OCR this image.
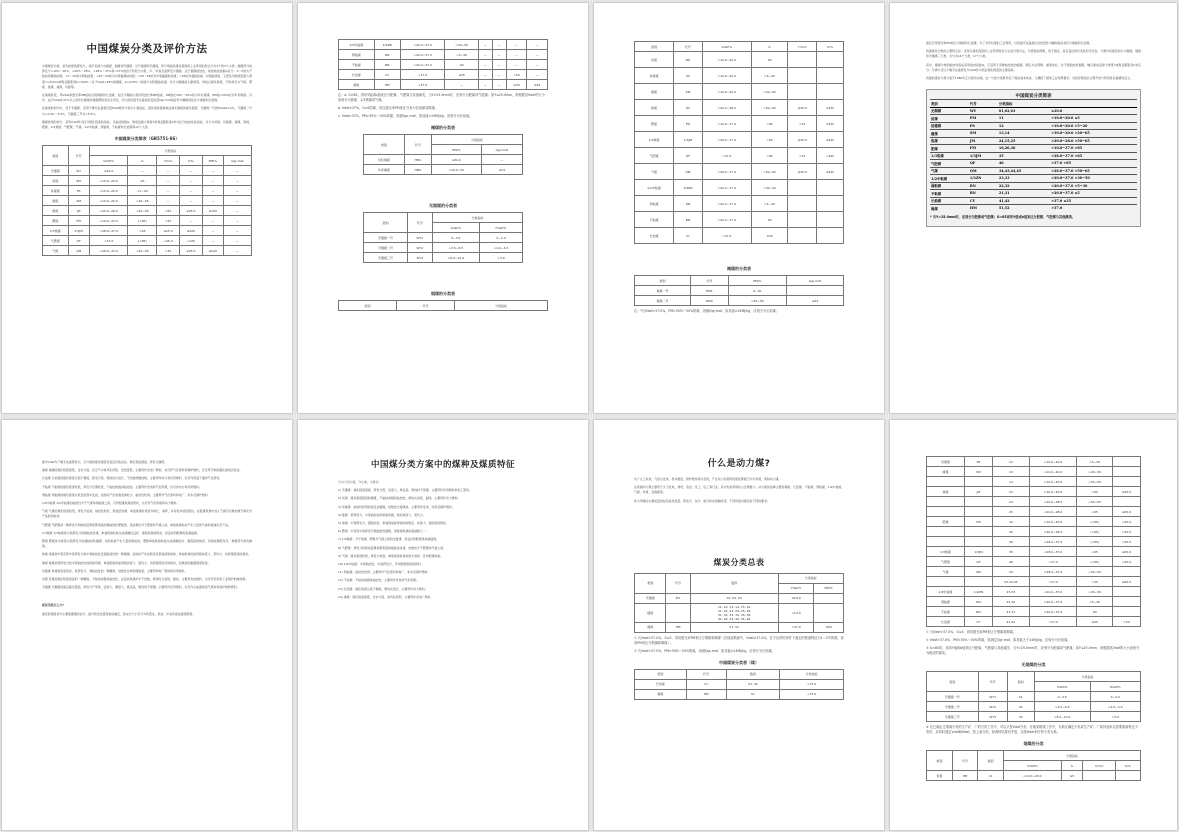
中国煤炭分类及评价方法

中国煤炭分类，首先按煤的挥发分，将所有煤分为褐煤、烟煤和无烟煤；对于褐煤和无烟煤，再分别按其煤化程度和工业利用的特点分为2个和3个小类；烟煤部分按挥发分>10%～20%、>20%～28%、>28%～37%和>37%的四个阶段分为低、中、中高及高挥发分烟煤。关于烟煤粘结性，则按粘结指数G区分：0～5的为不粘结和微粘结煤；>5～20的为弱粘结煤；>20～50的为中等偏弱粘结煤；>50～65的为中等偏强粘结煤；>65则为强粘结煤。对强粘结煤，又把其中胶质层最大厚度Y>25mm或奥亚膨胀度b>150%（对于Vdaf>28%的烟煤，b>220%）的煤分为特强粘结煤。共分为烟煤的主要类别，再结合煤化程度，分别命名为气煤、肥煤、焦煤、瘦煤、贫煤等。

在褐煤阶段，用Vdaf和透光率PM指标区别褐煤和长焰煤；在区分褐煤小类时用透光率PM指标，PM值在30%～50%的为年轻褐煤，PM值>50%的为年老褐煤。另外，由于Vdaf在37%以上的年轻烟煤和褐煤都较易发生风化，所以用恒湿无灰基高位发热量Qgr,maf指标作为辅助指标区分褐煤和长焰煤。

在煤类的划分中，对于无烟煤，采用干燥无灰基氢含量Hdaf值作为划分小类指标，因其更能准确地反映无烟煤的煤化程度，无烟煤一号的Hdaf≤2.0%，无烟煤二号为>2.0%～3.0%，无烟煤三号为>3.0%。

烟煤类别的划分，采用Vdaf作为区分煤化程度的指标，以粘结指数G、胶质层最大厚度Y和奥亚膨胀度b作为区分粘结性的指标，共分为贫煤、贫瘦煤、瘦煤、焦煤、肥煤、1/3焦煤、气肥煤、气煤、1/2中粘煤、弱粘煤、不粘煤和长焰煤等12个大类。

中国煤炭分类简表（GB5751-86）
类别	代号	分类指标					
		Vdaf/%	G	Y/mm	b/%	PM/%	Qgr,maf
无烟煤	WY	≤10.0	—	—	—	—	—
贫煤	PM	>10.0~20.0	≤5	—	—	—	—
贫瘦煤	PS	>10.0~20.0	>5~20	—	—	—	—
瘦煤	SM	>10.0~20.0	>20~65	—	—	—	—
焦煤	JM	>20.0~28.0	>50~65	>65	≤25.0	≤150	—
肥煤	FM	>10.0~37.0	(>85)	>25	—	—	—
1/3焦煤	1/3JM	>28.0~37.0	>65	≤25.0	≤220	—	—
气肥煤	QF	>37.0	(>85)	>25.0	>220	—	—
气煤	QM	>28.0~37.0	>50~65	>35	≤25.0	≤220	—
1/2中粘煤	1/2ZN	>20.0~37.0	>30~50	—	—	—	—
弱粘煤	RN	>20.0~37.0	>5~30	—	—	—	—
不粘煤	BN	>20.0~37.0	≤5	—	—	—	—
长焰煤	CY	>37.0	≤35	—	—	>50	—
褐煤	HM	>37.0	—	—	—	≤30	≤24

注：a. G>85，再用Y值或b值来区分肥煤、气肥煤与其他煤类，当Y>25.0mm时，应划分为肥煤或气肥煤；如Y≤25.0mm，则根据其Vdaf的大小而划分为焦煤、1/3焦煤或气煤。

b. Vdaf>37%，G≤5的煤，再以透光率PM来区分其为长焰煤或褐煤。

c. Vdaf>37%，PM>30%～50%的煤，再测Qgr,maf，如其值>24MJ/kg，应划分为长焰煤。

褐煤的分类表
类别	代号	分类指标	
		PM/%	Qgr,maf
年轻褐煤	HM1	≤30.0	—
年老褐煤	HM2	>30.0~50	≤24
无烟煤的分类表
类别	代号	分类指标	
		Vdaf/%	Hdaf/%
无烟煤一号	WY1	0~3.5	0~2.0
无烟煤二号	WY2	>3.5~6.5	>2.0~3.0
无烟煤三号	WY3	>6.5~10.0	>3.0
烟煤的分类表
类别	代号	分类指标
类别	代号	Vdaf/%	G	Y/mm	b/%
贫煤	PM	>10.0~20.0	≤5		
贫瘦煤	PS	>10.0~20.0	>5~20		
瘦煤	SM	>10.0~20.0	>20~65		
焦煤	JM	>20.0~28.0	>50~65	≤25.0	≤150
肥煤	FM	>10.0~37.0	>85	>25	≥150
1/3焦煤	1/3JM	>28.0~37.0	>65	≤25.0	≤220
气肥煤	QF	>37.0	>85	>25	>220
气煤	QM	>28.0~37.0	>50~65	≤25.0	≤220
1/2中粘煤	1/2ZN	>20.0~37.0	>30~50		
弱粘煤	RN	>20.0~37.0	>5~30		
不粘煤	BN	>20.0~37.0	≤5		
长焰煤	CY	>37.0	≤35		
褐煤的分类表
类别	代号	PM/%	Qgr,maf
褐煤一号	HM1	0~30	
褐煤二号	HM2	>30~50	≤24

注：*凡Vdaf>37.0%，PM>30%～50%的煤，再测Qgr,maf，如其值>24MJ/kg，应划分为长焰煤。

最后还用透光率PM来区分褐煤和长焰煤。为了对年轻煤的工业利用，以恒湿无灰基高位发热量作为辅助指标来区分褐煤和长焰煤。

我国煤炭分类的主要特点是：采用以煤化程度和工业利用特性为主的分类方法，分类指标简明，易于测定，具有良好的代表性和可比性。分类中将煤炭划分为褐煤、烟煤和无烟煤三大类，共分为14个大类，17个小类。

其中，烟煤分类的粘结性指标采用粘结指数G，它适用于各种粘结性的烟煤，测定方法简便，重现性好。对于强粘结性烟煤，辅以胶质层最大厚度Y或奥亚膨胀度b来区分。分类中还以干燥无灰基挥发分Vdaf作为表征煤化程度的主要指标。

我国的煤炭分类方案于1986年正式颁布实施。这一分类方案既考虑了煤的基本性质，又兼顾了煤的工业利用要求，对指导煤炭的合理开发与利用具有重要的意义。

中国煤炭分类简表
类别	代号	分类指标	
无烟煤	WY	01,02,03	≤10.0
贫煤	PM	11	>10.0~20.0 ≤5
贫瘦煤	PS	12	>10.0~20.0 >5~20
瘦煤	SM	13,14	>10.0~20.0 >20~65
焦煤	JM	24,15,25	>20.0~28.0 >50~65
肥煤	FM	16,26,36	>10.0~37.0 >85
1/3焦煤	1/3JM	35	>28.0~37.0 >65
气肥煤	QF	46	>37.0 >85
气煤	QM	34,43,44,45	>28.0~37.0 >50~65
1/2中粘煤	1/2ZN	23,33	>20.0~37.0 >30~50
弱粘煤	RN	22,32	>20.0~37.0 >5~30
不粘煤	BN	21,31	>20.0~37.0 ≤5
长焰煤	CY	41,42	>37.0 ≤35
褐煤	HM	51,52	>37.0

* 当Y>25.0mm时，应划分为肥煤或气肥煤；G>85再用Y值或b值来区分肥煤、气肥煤与其他煤类。

煤中Vdaf为干燥无灰基挥发分，它与煤的煤化程度有着密切的关系。煤化程度越高，挥发分越低。

褐煤 褐煤的煤化程度最低，含水分高，在空气中易风化碎裂，发热量低。主要用作发电厂燃料，也可作气化原料和锅炉燃料，还可用于制造磺化煤或活性炭。

长焰煤 长焰煤的煤化程度仅高于褐煤，挥发分高，燃烧时火焰长，不结焦或微结焦。主要用作动力和民用燃料，也可作低温干馏和气化原料。

不粘煤 不粘煤的煤化程度较低，挥发分范围较宽，不粘结或微具粘结性。主要用作发电和气化用煤，也可作动力和民用燃料。

弱粘煤 弱粘煤的煤化程度从低变质到中变质，加热时产生的胶质体较少，粘结性较弱。主要用作气化原料和电厂、机车及锅炉燃料。

1/2中粘煤 1/2中粘煤的粘结性介于气煤和弱粘煤之间，可作配煤炼焦的原料，也可作气化用煤和动力燃料。

气煤 气煤的煤化程度较低，挥发分较高，粘结性较好，胶质层较厚，单独炼焦时焦炭多细长、易碎，并有较多的纵裂纹。在配煤炼焦中加入气煤可以增加煤气和化学产品的回收率。

气肥煤 气肥煤是一种挥发分和胶质层厚度都很高的强粘结性肥煤类，其结焦性介于肥煤和气煤之间，单独炼焦时能产生大量的气体和液体化学产品。

1/3焦煤 1/3焦煤是中高挥发分的强粘结性煤，单独炼焦时能生成熔融性良好、强度较高的焦炭，是良好的配煤炼焦基础煤。

肥煤 肥煤是中等及中高挥发分的强粘结性烟煤，加热时能产生大量的胶质体。肥煤单独炼焦时能生成熔融性好、强度高的焦炭，但焦炭横裂纹多，焦根部分常有蜂焦。

焦煤 焦煤是中等及低中等挥发分的中等粘结性及强粘结性的一种烟煤。加热时产生热稳定性很高的胶质体，单独炼焦时能得到块度大、裂纹少、抗碎强度高的焦炭。

瘦煤 瘦煤是低挥发分的中等粘结性的炼焦用煤，单独炼焦时能得到块度大、裂纹少、抗碎强度较好的焦炭，但焦炭的耐磨强度较差。

贫瘦煤 贫瘦煤是高变质、低挥发分、弱粘结性的一种烟煤，结焦性比典型瘦煤差，主要用作电厂燃料和民用燃料。

贫煤 贫煤是煤化程度最高的一种烟煤，不粘结或微具粘结性，在层状炼焦炉中不结焦，燃烧时火焰短，耐烧。主要是发电燃料，也可作民用和工业锅炉的掺烧煤。

无烟煤 无烟煤的固定碳含量高，挥发分产率低，密度大，硬度大，燃点高，燃烧时不冒烟。主要用作民用燃料，也可作合成氨的造气原料和高炉喷吹燃料。

煤炭等级怎么分?

煤炭的等级划分主要根据煤的灰分、硫分和发热量等指标确定，按灰分大小可分为特低灰、低灰、中灰和高灰煤等级别。

中国煤分类方案中的煤种及煤质特征

分为十四大类，分小类，大类共：

1) 无烟煤：煤化程度最高，挥发分低，密度大，燃点高，燃烧时不冒烟，主要用作民用燃料和化工原料。

2) 贫煤：煤化程度最高的烟煤，不粘结或微具粘结性，燃烧火焰短，耐烧，主要用作动力燃料。

3) 贫瘦煤：粘结性较弱的高变质烟煤，结焦性比瘦煤差，主要用作发电、民用及锅炉燃料。

4) 瘦煤：低挥发分、中等粘结性的炼焦用煤，焦炭块度大、裂纹少。

5) 焦煤：中等挥发分、强粘结性，单独炼焦能得到结构致密、块度大、强度高的焦炭。

6) 肥煤：中等及中高挥发分强粘结性烟煤，是配煤炼焦的基础煤之一。

7) 1/3焦煤：介于焦煤、肥煤与气煤之间的过渡煤，是良好的配煤炼焦基础煤。

8) 气肥煤：挥发分和胶质层厚度都很高的强粘结性煤，结焦性介于肥煤和气煤之间。

9) 气煤：煤化程度较低，挥发分较高，单独炼焦时焦炭细长易碎，宜作配煤炼焦。

10) 1/2中粘煤：中等粘结性，中高挥发分，可作配煤炼焦的原料。

11) 弱粘煤：粘结性较弱，主要用作气化原料和电厂、机车及锅炉燃料。

12) 不粘煤：不粘结或微具粘结性，主要用作发电和气化用煤。

13) 长焰煤：煤化程度仅高于褐煤，燃烧火焰长，主要用作动力燃料。

14) 褐煤：煤化程度最低，含水分高，易风化碎裂，主要用作发电厂燃料。

什么是动力煤?

从广义上来讲，凡是以发电、机车推进、锅炉燃烧等为目的，产生动力而使用的煤炭都属于动力用煤，简称动力煤。

在我国动力煤主要用于火力发电、建材、冶金、化工、轻工等行业，其中发电用煤所占比例最大。动力煤的品种主要有褐煤、长焰煤、不粘煤、弱粘煤、1/2中粘煤、气煤、贫煤、贫瘦煤等。

动力用煤的主要质量指标包括发热量、挥发分、灰分、硫分和灰熔融性等，不同用途对煤质有不同的要求。

煤炭分类总表
类别	代号	数码	分类指标	
			Vdaf/%	PM/%
无烟煤	WY	01, 02, 03	≤10.0	
烟煤		11, 12, 13, 14, 15, 16
21, 22, 23, 24, 25, 26
31, 32, 33, 34, 35, 36
41, 42, 43, 44, 45, 46	>10.0	
褐煤	HM	51, 52	>37.0	≤50

① 凡Vdaf>37.0%，G≤5，再用透光率PM来区分烟煤和褐煤（在地质勘探中，Vdaf>37.0%，在不压饼的条件下测定的焦渣特征为1～2号的煤，再用PM来区分烟煤和褐煤）。

② 凡Vdaf>37.0%，PM>30%～50%的煤，再测Qgr,maf，如其值>24MJ/kg，应划分为长焰煤。

中国煤炭分类表（续）
类别	代号	数码	分类指标
长焰煤	CY	41, 42	>37.0
褐煤	HM	51	>37.0
贫瘦煤	PS	12	>10.0~20.0	>5~20	
瘦煤	SM	13	>10.0~20.0	>20~50	
		14	>10.0~20.0	>50~65	
焦煤	JM	15	>10.0~20.0	>65	≤25.0
		24	>20.0~28.0	>50~65	
		25	>20.0~28.0	>65	≤25.0
肥煤	FM	16	>10.0~20.0	(>85)	>25.0
		26	>20.0~28.0	(>85)	>25.0
		36	>28.0~37.0	(>85)	>25.0
1/3焦煤	1/3JM	35	>28.0~37.0	>65	≤25.0
气肥煤	QF	46	>37.0	(>85)	>25.0
气煤	QM	34	>28.0~37.0	>50~65	
		43,44,45	>37.0	>35	≤25.0
1/2中粘煤	1/2ZN	23,33	>20.0~37.0	>30~50	
弱粘煤	RN	22,32	>20.0~37.0	>5~30	
不粘煤	BN	21,31	>20.0~37.0	≤5	
长焰煤	CY	41,42	>37.0	≤35	>50

① 当Vdaf>37.0%，G≤5，再用透光率PM来区分烟煤和褐煤。

② Vdaf>37.0%，PM>30%～50%的煤，再测定Qgr,maf，如其值大于24MJ/kg，应划分为长焰煤。

③ G>85时，再用Y值和b值来区分肥煤、气肥煤与其他煤类，当Y>25.0mm时，应划分为肥煤或气肥煤；如Y≤25.0mm，则根据其Vdaf的大小而划分为相应的煤类。

无烟煤的分类
类别	代号	数码	分类指标	
			Vdaf/%	Hdaf/%
无烟煤一号	WY1	01	0~3.5	0~2.0
无烟煤二号	WY2	02	>3.5~6.5	>2.0~3.0
无烟煤三号	WY3	03	>6.5~10.0	>3.0

④ 在已确定无烟煤小类的生产矿、厂的日常工作中，可以只按Vdaf分类；在地质勘探工作中，为新区确定小类或生产矿、厂和其他单位需要重新核定小类时，应同时测定Vdaf和Hdaf，按上表分类。如两种结果有矛盾，以按Hdaf划分的小类为准。

烟煤的分类
类别	代号	数码	分类指标			
			Vdaf/%	G	Y/mm	b/%
贫煤	PM	11	>10.0~20.0	≤5		
